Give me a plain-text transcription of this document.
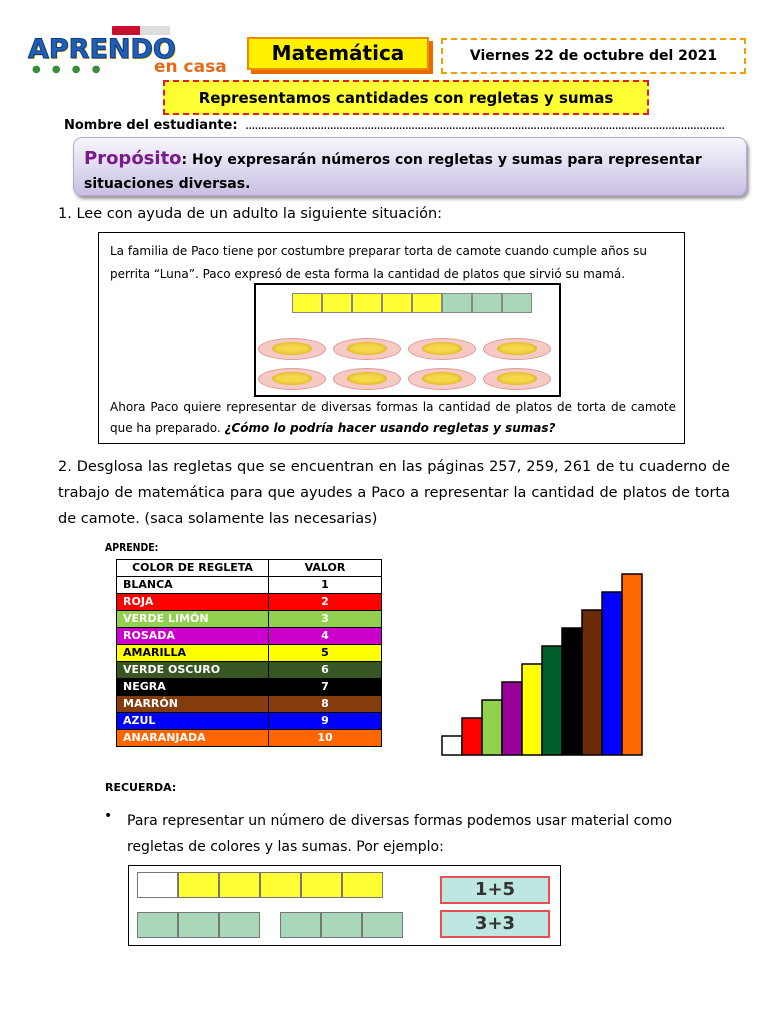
APRENDO
● ● ● ●	en casa
Matemática	Viernes 22 de octubre del 2021
Representamos cantidades con regletas y sumas
Nombre del estudiante: .........................................................................................................................................................
Propósito: Hoy expresarán números con regletas y sumas para representar situaciones diversas.
1. Lee con ayuda de un adulto la siguiente situación:
La familia de Paco tiene por costumbre preparar torta de camote cuando cumple años su perrita “Luna”. Paco expresó de esta forma la cantidad de platos que sirvió su mamá.
Ahora Paco quiere representar de diversas formas la cantidad de platos de torta de camote que ha preparado. ¿Cómo lo podría hacer usando regletas y sumas?
2. Desglosa las regletas que se encuentran en las páginas 257, 259, 261 de tu cuaderno de trabajo de matemática para que ayudes a Paco a representar la cantidad de platos de torta de camote. (saca solamente las necesarias)
APRENDE:
COLOR DE REGLETA	VALOR
BLANCA	1
ROJA	2
VERDE LIMÓN	3
ROSADA	4
AMARILLA	5
VERDE OSCURO	6
NEGRA	7
MARRÓN	8
AZUL	9
ANARANJADA	10
RECUERDA:
• Para representar un número de diversas formas podemos usar material como regletas de colores y las sumas. Por ejemplo:
1+5
3+3
